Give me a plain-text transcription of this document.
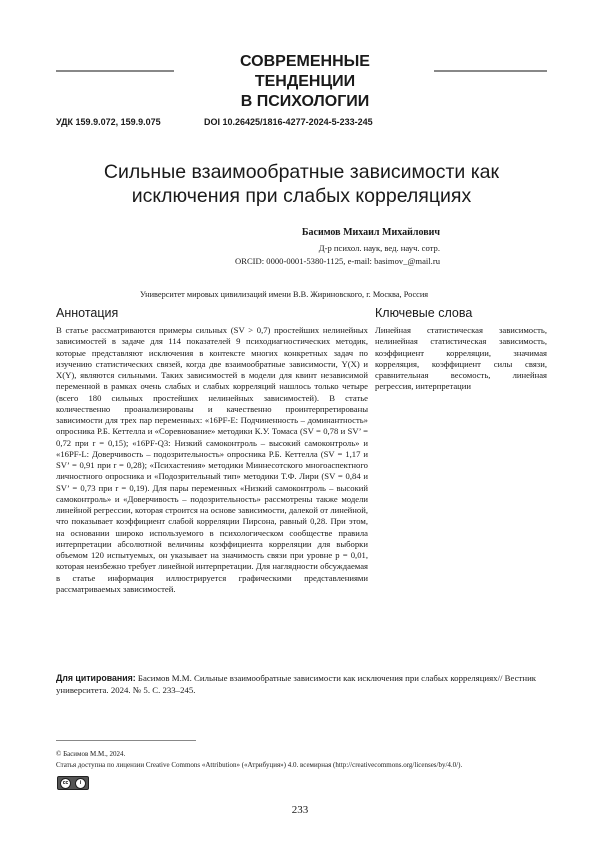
СОВРЕМЕННЫЕ ТЕНДЕНЦИИ
В ПСИХОЛОГИИ
УДК 159.9.072, 159.9.075	DOI 10.26425/1816-4277-2024-5-233-245
Сильные взаимообратные зависимости как
исключения при слабых корреляциях
Басимов Михаил Михайлович
Д-р психол. наук, вед. науч. сотр.
ORCID: 0000-0001-5380-1125, e-mail: basimov_@mail.ru
Университет мировых цивилизаций имени В.В. Жириновского, г. Москва, Россия
Аннотация	Ключевые слова
В статье рассматриваются примеры сильных (SV > 0,7) простейших нелинейных зависимостей в задаче для 114 показателей 9 психодиагностических методик, которые представляют исключения в контексте многих конкретных задач по изучению статистических связей, когда две взаимообратные зависимости, Y(X) и X(Y), являются сильными. Таких зависимостей в модели для квинт независимой переменной в рамках очень слабых и слабых корреляций нашлось только четыре (всего 180 сильных простейших нелинейных зависимостей). В статье количественно проанализированы и качественно проинтерпретированы зависимости для трех пар переменных: «16PF-E: Подчиненность – доминантность» опросника Р.Б. Кеттелла и «Соревнование» методики К.У. Томаса (SV = 0,78 и SV’ = 0,72 при r = 0,15); «16PF-Q3: Низкий самоконтроль – высокий самоконтроль» и «16PF-L: Доверчивость – подозрительность» опросника Р.Б. Кеттелла (SV = 1,17 и SV’ = 0,91 при r = 0,28); «Психастения» методики Миннесотского многоаспектного личностного опросника и «Подозрительный тип» методики Т.Ф. Лири (SV = 0,84 и SV’ = 0,73 при r = 0,19). Для пары переменных «Низкий самоконтроль – высокий самоконтроль» и «Доверчивость – подозрительность» рассмотрены также модели линейной регрессии, которая строится на основе зависимости, далекой от линейной, что показывает коэффициент слабой корреляции Пирсона, равный 0,28. При этом, на основании широко используемого в психологическом сообществе правила интерпретации абсолютной величины коэффициента корреляции для выборки объемом 120 испытуемых, он указывает на значимость связи при уровне p = 0,01, которая неизбежно требует линейной интерпретации. Для наглядности обсуждаемая в статье информация иллюстрируется графическими представлениями рассматриваемых зависимостей.
Линейная статистическая зависимость, нелинейная статистическая зависимость, коэффициент корреляции, значимая корреляция, коэффициент силы связи, сравнительная весомость, линейная регрессия, интерпретации
Для цитирования: Басимов М.М. Сильные взаимообратные зависимости как исключения при слабых корреляциях// Вестник университета. 2024. № 5. С. 233–245.
© Басимов М.М., 2024.
Статья доступна по лицензии Creative Commons «Attribution» («Атрибуция») 4.0. всемирная (http://creativecommons.org/licenses/by/4.0/).
cc	i
233
